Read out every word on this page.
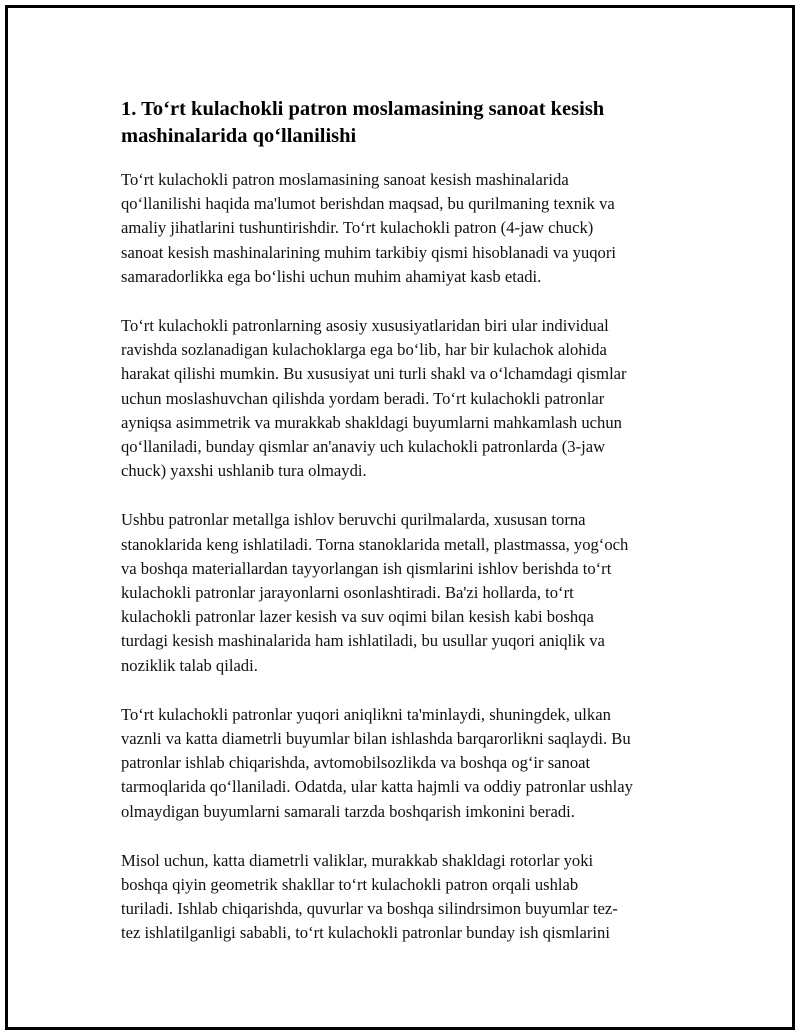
1. To‘rt kulachokli patron moslamasining sanoat kesish
mashinalarida qo‘llanilishi

To‘rt kulachokli patron moslamasining sanoat kesish mashinalarida
qo‘llanilishi haqida ma'lumot berishdan maqsad, bu qurilmaning texnik va
amaliy jihatlarini tushuntirishdir. To‘rt kulachokli patron (4-jaw chuck)
sanoat kesish mashinalarining muhim tarkibiy qismi hisoblanadi va yuqori
samaradorlikka ega bo‘lishi uchun muhim ahamiyat kasb etadi.

To‘rt kulachokli patronlarning asosiy xususiyatlaridan biri ular individual
ravishda sozlanadigan kulachoklarga ega bo‘lib, har bir kulachok alohida
harakat qilishi mumkin. Bu xususiyat uni turli shakl va o‘lchamdagi qismlar
uchun moslashuvchan qilishda yordam beradi. To‘rt kulachokli patronlar
ayniqsa asimmetrik va murakkab shakldagi buyumlarni mahkamlash uchun
qo‘llaniladi, bunday qismlar an'anaviy uch kulachokli patronlarda (3-jaw
chuck) yaxshi ushlanib tura olmaydi.

Ushbu patronlar metallga ishlov beruvchi qurilmalarda, xususan torna
stanoklarida keng ishlatiladi. Torna stanoklarida metall, plastmassa, yog‘och
va boshqa materiallardan tayyorlangan ish qismlarini ishlov berishda to‘rt
kulachokli patronlar jarayonlarni osonlashtiradi. Ba'zi hollarda, to‘rt
kulachokli patronlar lazer kesish va suv oqimi bilan kesish kabi boshqa
turdagi kesish mashinalarida ham ishlatiladi, bu usullar yuqori aniqlik va
noziklik talab qiladi.

To‘rt kulachokli patronlar yuqori aniqlikni ta'minlaydi, shuningdek, ulkan
vaznli va katta diametrli buyumlar bilan ishlashda barqarorlikni saqlaydi. Bu
patronlar ishlab chiqarishda, avtomobilsozlikda va boshqa og‘ir sanoat
tarmoqlarida qo‘llaniladi. Odatda, ular katta hajmli va oddiy patronlar ushlay
olmaydigan buyumlarni samarali tarzda boshqarish imkonini beradi.

Misol uchun, katta diametrli valiklar, murakkab shakldagi rotorlar yoki
boshqa qiyin geometrik shakllar to‘rt kulachokli patron orqali ushlab
turiladi. Ishlab chiqarishda, quvurlar va boshqa silindrsimon buyumlar tez-
tez ishlatilganligi sababli, to‘rt kulachokli patronlar bunday ish qismlarini
